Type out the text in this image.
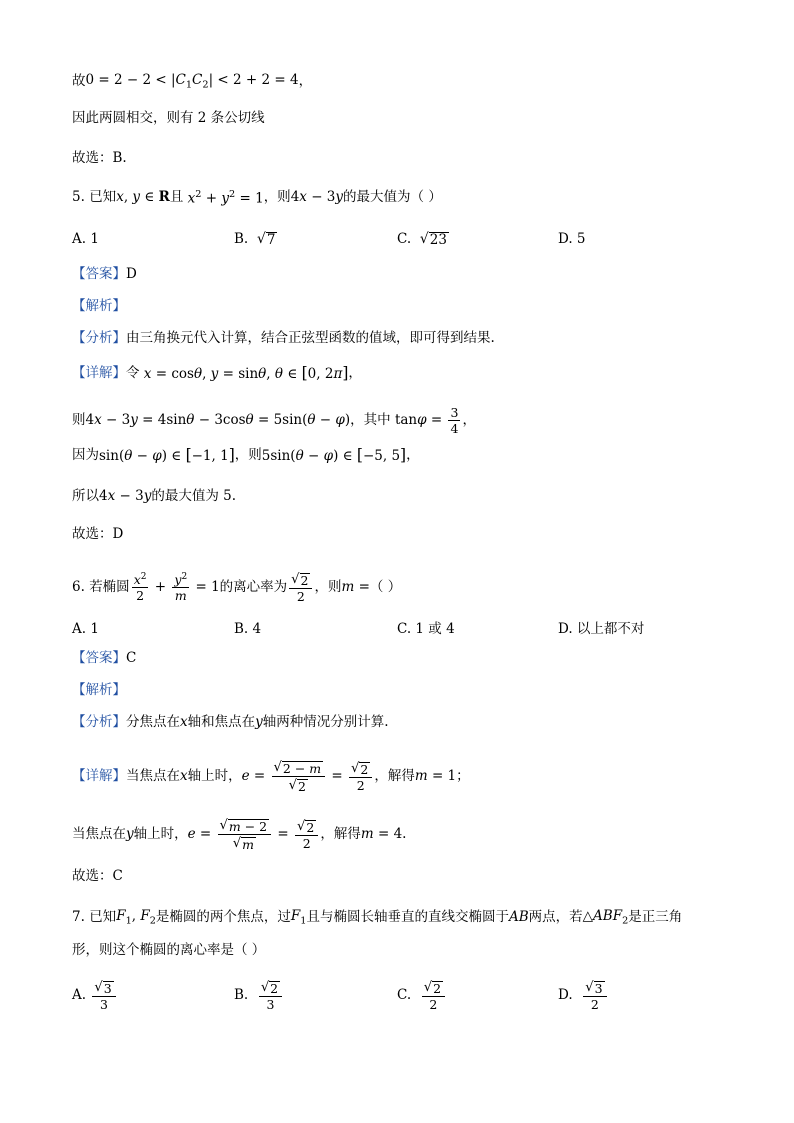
故 $0 = 2 - 2 < |C_1C_2| < 2 + 2 = 4$ ，
因此两圆相交，则有 2 条公切线
故选：B.
5.
已知 x, y ∈ R 且 $x^2 + y^2 = 1$ ，则 4x − 3y 的最大值为（ ）
A. 1	B.
√ 7	C.
√ 23	D. 5
【答案】 D
【解析】
【分析】 由三角换元代入计算，结合正弦型函数的值域，即可得到结果.
【详解】 令 x = cosθ, y = sinθ, θ ∈ [0, 2π] ，
则 4x − 3y = 4sinθ − 3cosθ = 5sin(θ − φ) ，其中 $\tan\varphi = \frac{3}{4}$ ，
因为 sin(θ − φ) ∈ [−1, 1] ，则 5sin(θ − φ) ∈ [−5, 5] ，
所以 4x − 3y 的最大值为 5.
故选：D
6.
若椭圆 $\frac{x^2}{2} + \frac{y^2}{m} = 1$ 的离心率为 $\frac{√ 2}{2}$ ，则 m = （ ）
A. 1	B. 4	C. 1 或 4	D. 以上都不对
【答案】 C
【解析】
【分析】 分焦点在 x 轴和焦点在 y 轴两种情况分别计算.
【详解】 当焦点在 x 轴上时， $e = \frac{√ 2 - m}{√ 2} = \frac{√ 2}{2}$ ，解得 m = 1 ；
当焦点在 y 轴上时， $e = \frac{√ m - 2}{√ m} = \frac{√ 2}{2}$ ，解得 m = 4 .
故选：C
7.
已知 $F_1$, $F_2$ 是椭圆的两个焦点，过 $F_1$ 且与椭圆长轴垂直的直线交椭圆于 AB 两点，若 $\triangle ABF_2$ 是正三角
形，则这个椭圆的离心率是（ ）
A.
$\frac{√ 3}{3}$	B.
$\frac{√ 2}{3}$	C.
$\frac{√ 2}{2}$	D.
$\frac{√ 3}{2}$
